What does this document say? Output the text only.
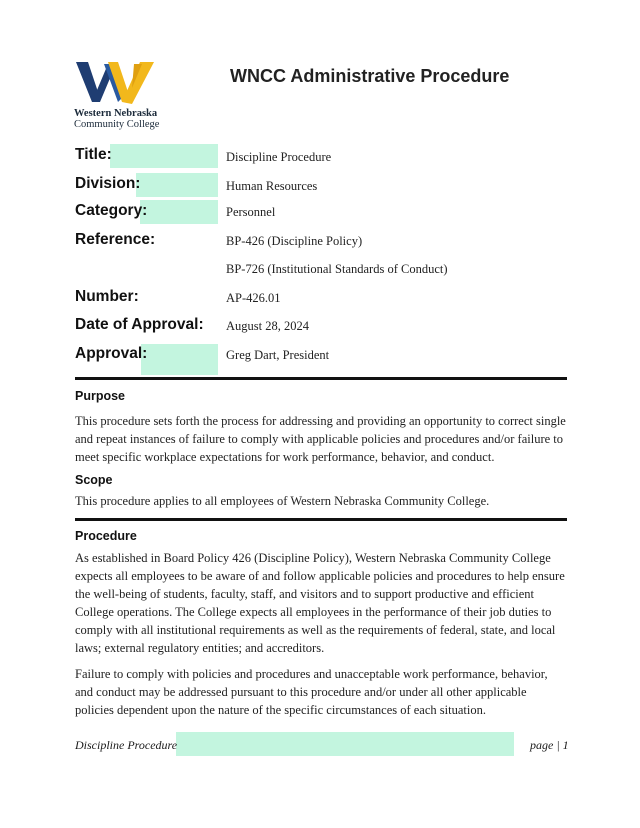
Western Nebraska
Community College
WNCC Administrative Procedure
Title:
Division:
Category:
Reference:
Number:
Date of Approval:
Approval:
Discipline Procedure
Human Resources
Personnel
BP-426 (Discipline Policy)
BP-726 (Institutional Standards of Conduct)
AP-426.01
August 28, 2024
Greg Dart, President
Purpose
This procedure sets forth the process for addressing and providing an opportunity to correct single and repeat instances of failure to comply with applicable policies and procedures and/or failure to meet specific workplace expectations for work performance, behavior, and conduct.
Scope
This procedure applies to all employees of Western Nebraska Community College.
Procedure
As established in Board Policy 426 (Discipline Policy), Western Nebraska Community College expects all employees to be aware of and follow applicable policies and procedures to help ensure the well-being of students, faculty, staff, and visitors and to support productive and efficient College operations. The College expects all employees in the performance of their job duties to comply with all institutional requirements as well as the requirements of federal, state, and local laws; external regulatory entities; and accreditors.
Failure to comply with policies and procedures and unacceptable work performance, behavior, and conduct may be addressed pursuant to this procedure and/or under all other applicable policies dependent upon the nature of the specific circumstances of each situation.
Discipline Procedure	page | 1
